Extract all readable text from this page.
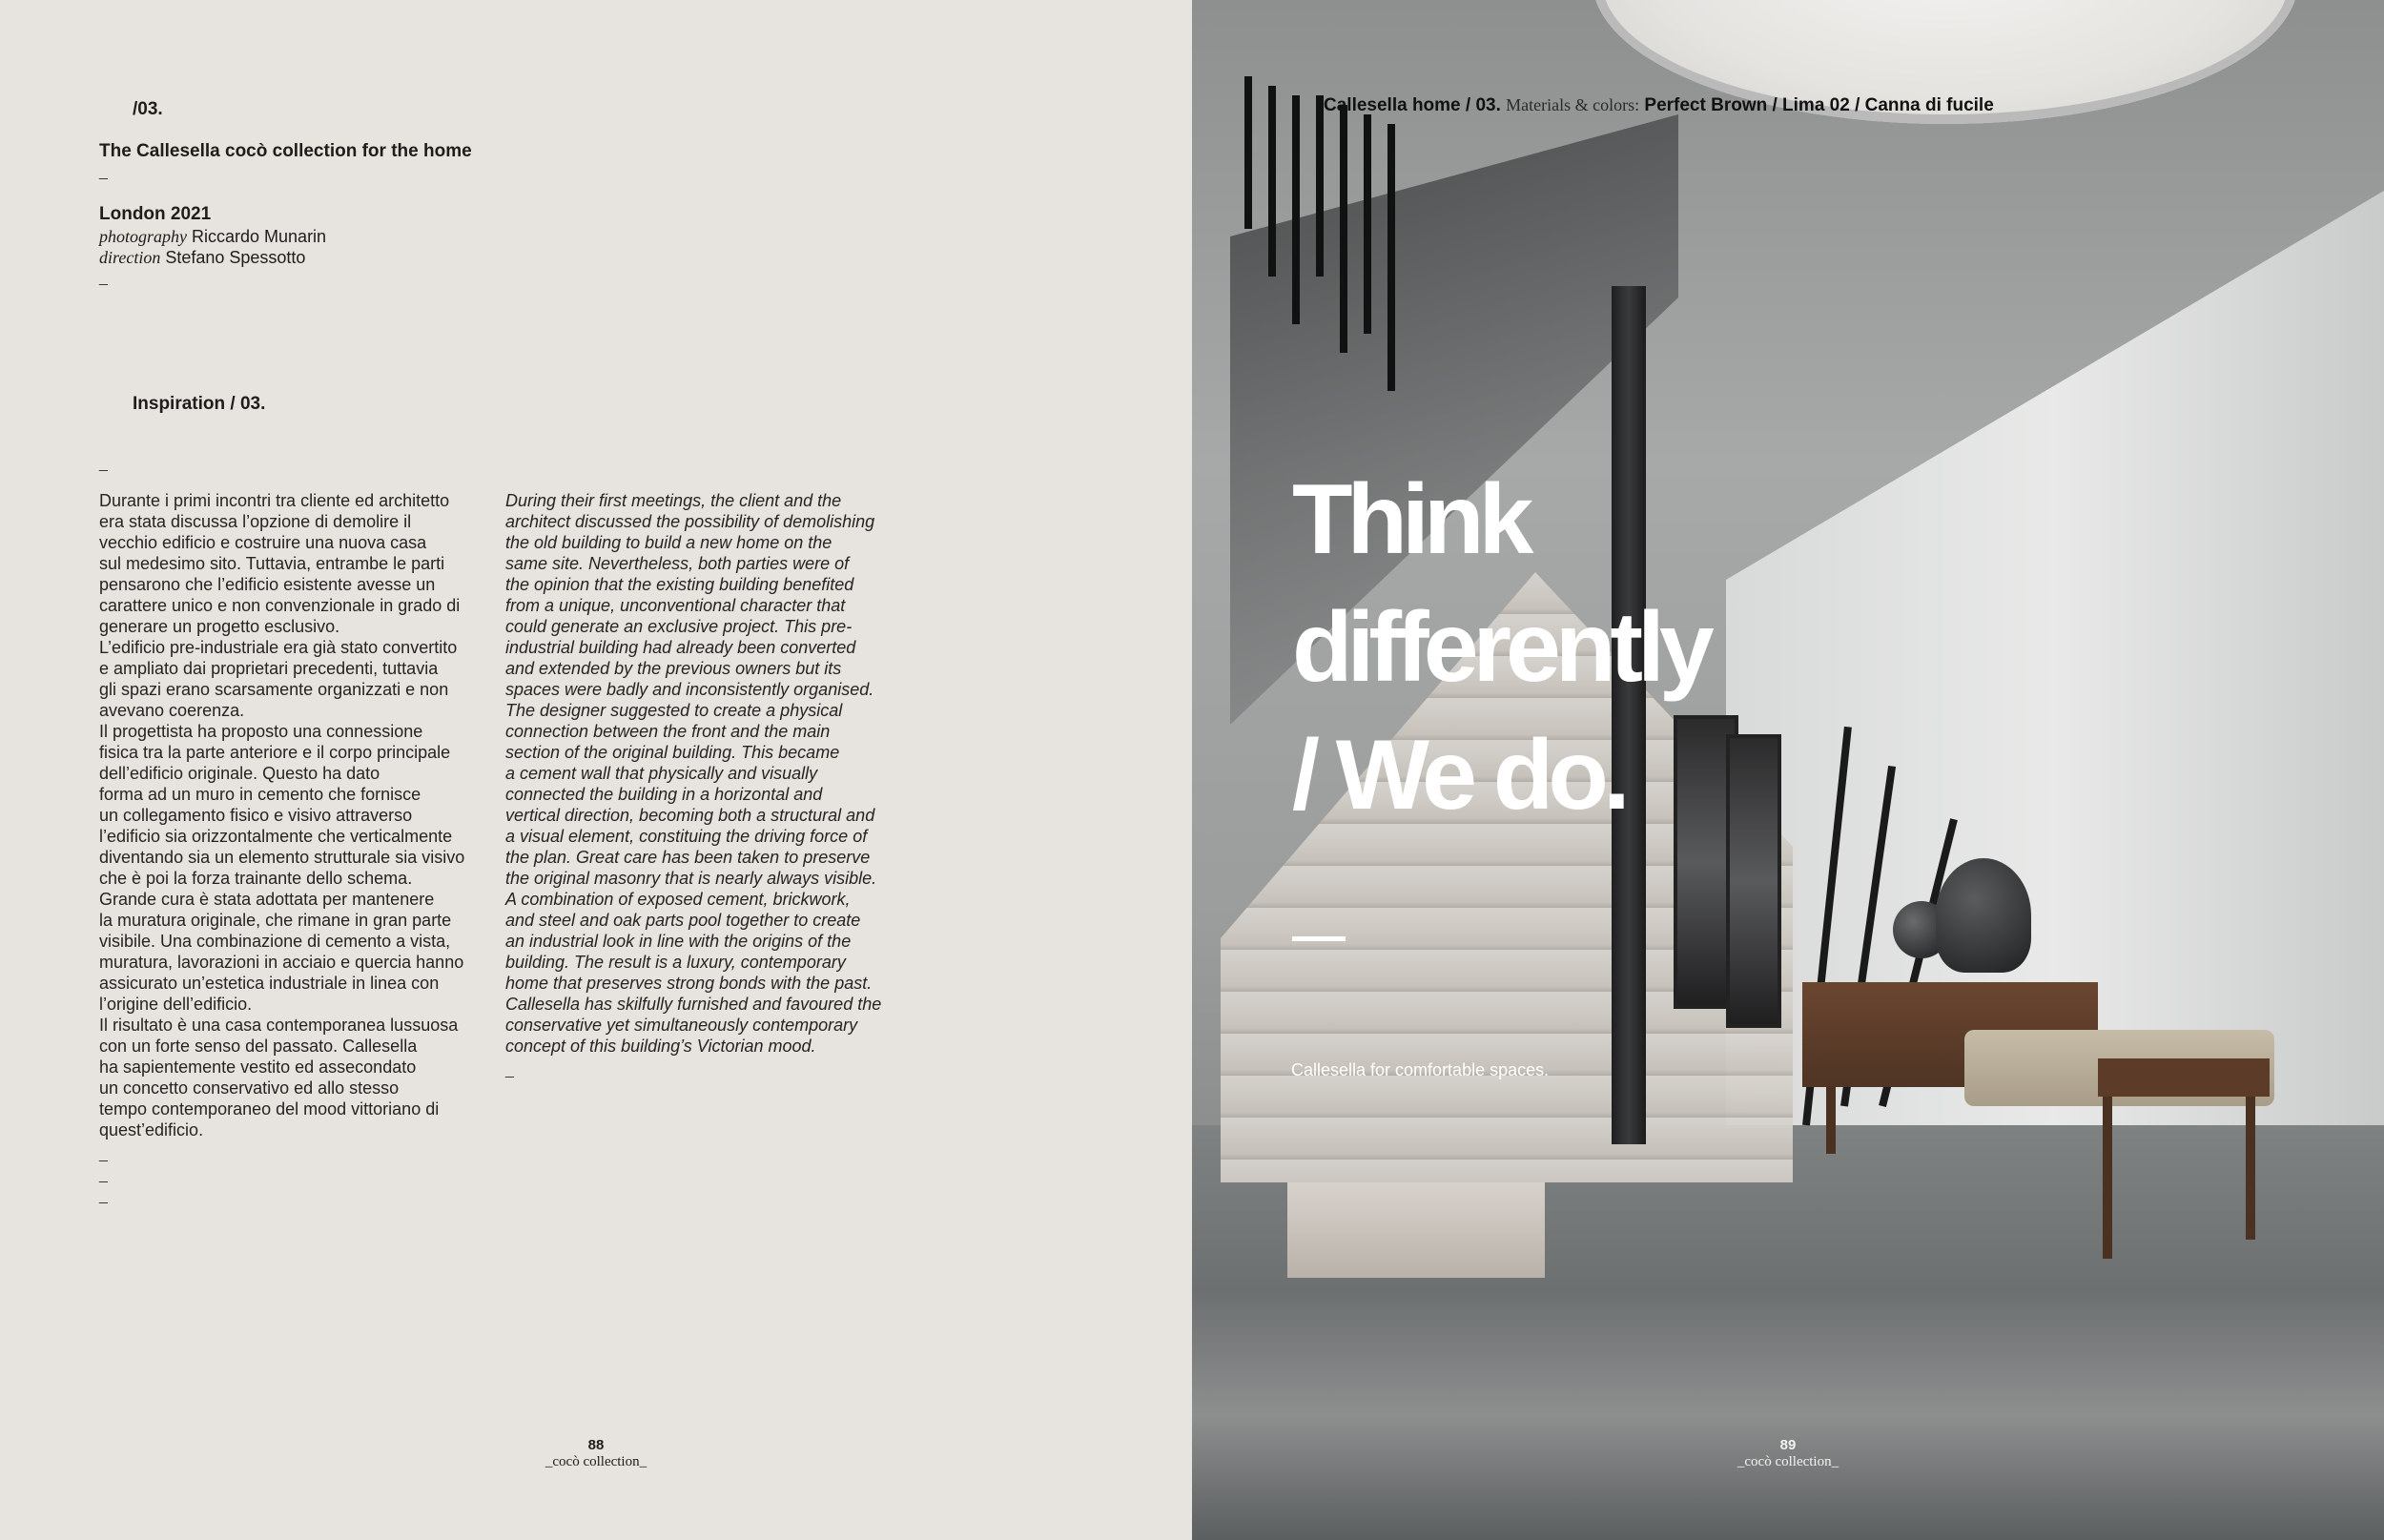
/03.
The Callesella cocò collection for the home
_
London 2021
photography Riccardo Munarin
direction Stefano Spessotto
_
Inspiration / 03.
_
Durante i primi incontri tra cliente ed architetto
era stata discussa l’opzione di demolire il
vecchio edificio e costruire una nuova casa
sul medesimo sito. Tuttavia, entrambe le parti
pensarono che l’edificio esistente avesse un
carattere unico e non convenzionale in grado di
generare un progetto esclusivo.
L’edificio pre-industriale era già stato convertito
e ampliato dai proprietari precedenti, tuttavia
gli spazi erano scarsamente organizzati e non
avevano coerenza.
Il progettista ha proposto una connessione
fisica tra la parte anteriore e il corpo principale
dell’edificio originale. Questo ha dato
forma ad un muro in cemento che fornisce
un collegamento fisico e visivo attraverso
l’edificio sia orizzontalmente che verticalmente
diventando sia un elemento strutturale sia visivo
che è poi la forza trainante dello schema.
Grande cura è stata adottata per mantenere
la muratura originale, che rimane in gran parte
visibile. Una combinazione di cemento a vista,
muratura, lavorazioni in acciaio e quercia hanno
assicurato un’estetica industriale in linea con
l’origine dell’edificio.
Il risultato è una casa contemporanea lussuosa
con un forte senso del passato. Callesella
ha sapientemente vestito ed assecondato
un concetto conservativo ed allo stesso
tempo contemporaneo del mood vittoriano di
quest’edificio.
_
_
_
During their first meetings, the client and the
architect discussed the possibility of demolishing
the old building to build a new home on the
same site. Nevertheless, both parties were of
the opinion that the existing building benefited
from a unique, unconventional character that
could generate an exclusive project. This pre-
industrial building had already been converted
and extended by the previous owners but its
spaces were badly and inconsistently organised.
The designer suggested to create a physical
connection between the front and the main
section of the original building. This became
a cement wall that physically and visually
connected the building in a horizontal and
vertical direction, becoming both a structural and
a visual element, constituing the driving force of
the plan. Great care has been taken to preserve
the original masonry that is nearly always visible.
A combination of exposed cement, brickwork,
and steel and oak parts pool together to create
an industrial look in line with the origins of the
building. The result is a luxury, contemporary
home that preserves strong bonds with the past.
Callesella has skilfully furnished and favoured the
conservative yet simultaneously contemporary
concept of this building’s Victorian mood.
_
88
_cocò collection_
Callesella home / 03. Materials & colors: Perfect Brown / Lima 02 / Canna di fucile
Think
differently
/ We do.
Callesella for comfortable spaces.
89
_cocò collection_
